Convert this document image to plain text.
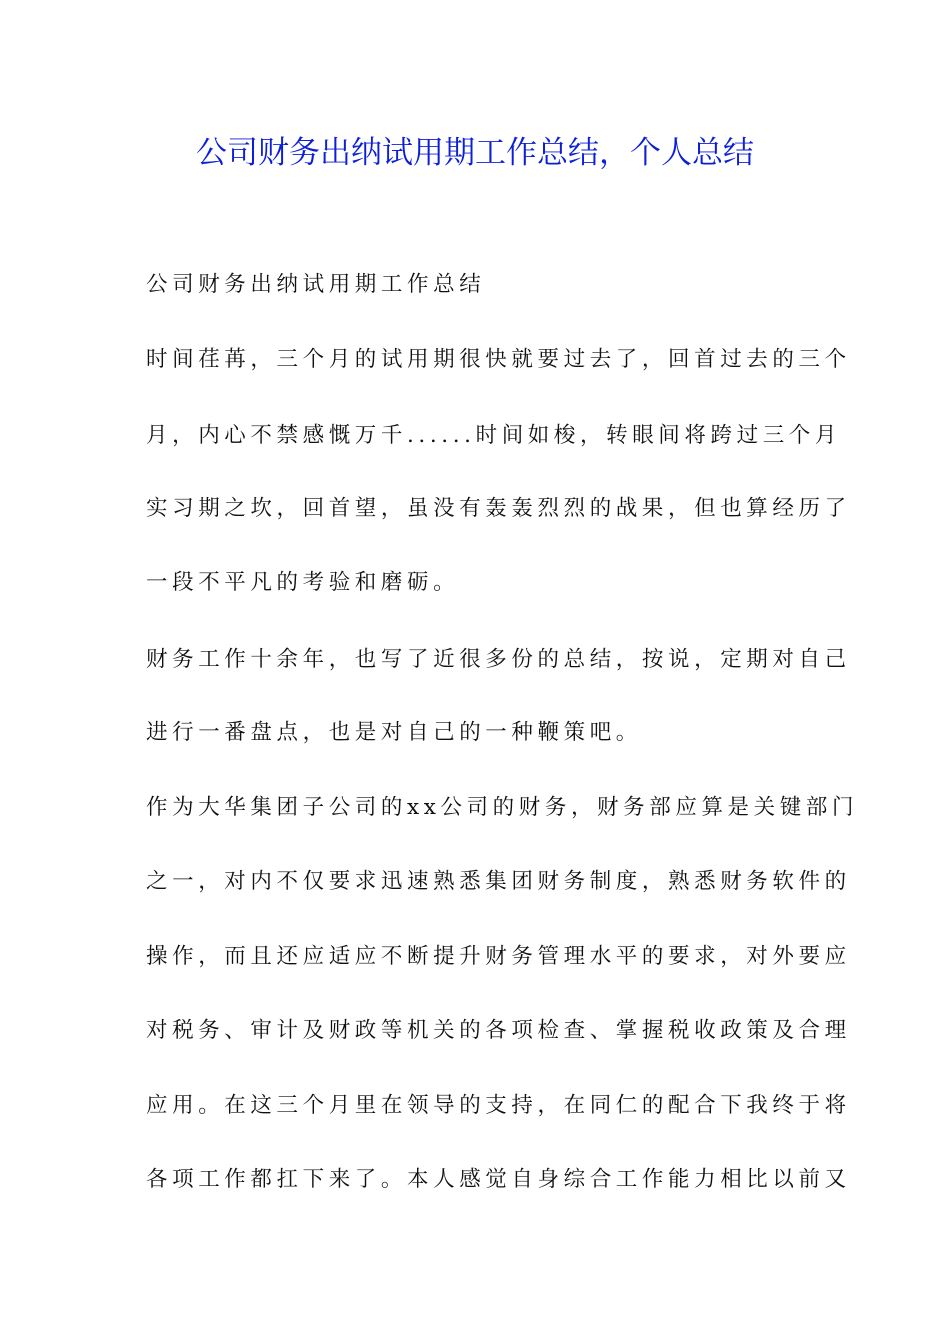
公司财务出纳试用期工作总结，个人总结
公司财务出纳试用期工作总结
时间荏苒，三个月的试用期很快就要过去了，回首过去的三个
月，内心不禁感慨万千......时间如梭，转眼间将跨过三个月
实习期之坎，回首望，虽没有轰轰烈烈的战果，但也算经历了
一段不平凡的考验和磨砺。
财务工作十余年，也写了近很多份的总结，按说，定期对自己
进行一番盘点，也是对自己的一种鞭策吧。
作为大华集团子公司的xx公司的财务，财务部应算是关键部门
之一，对内不仅要求迅速熟悉集团财务制度，熟悉财务软件的
操作，而且还应适应不断提升财务管理水平的要求，对外要应
对税务、审计及财政等机关的各项检查、掌握税收政策及合理
应用。在这三个月里在领导的支持，在同仁的配合下我终于将
各项工作都扛下来了。本人感觉自身综合工作能力相比以前又
